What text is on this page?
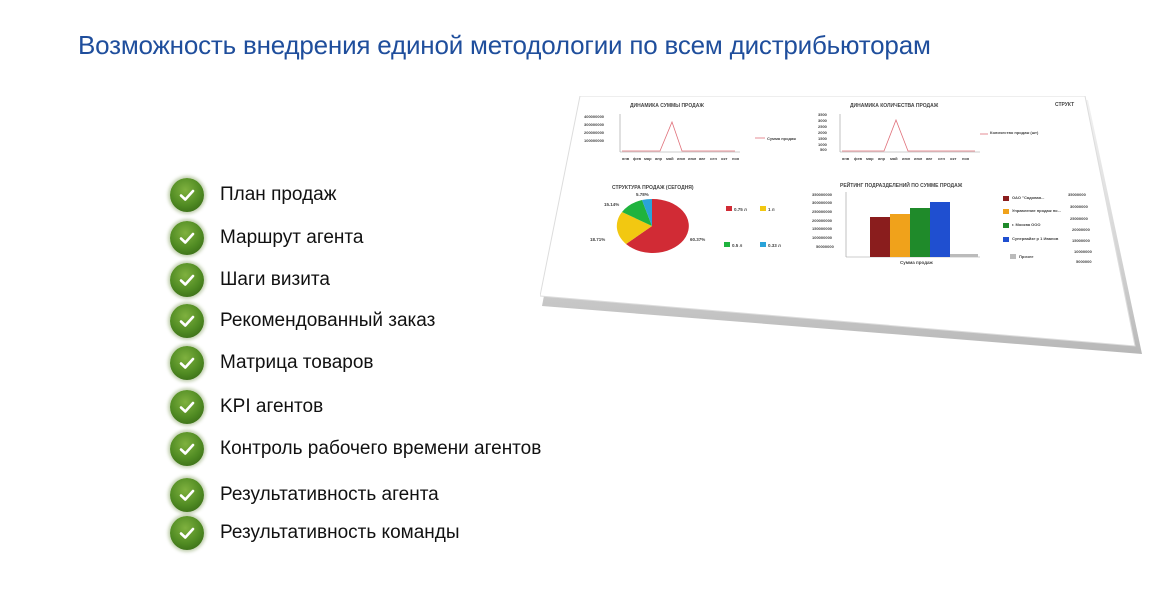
Возможность внедрения единой методологии по всем дистрибьюторам
План продаж
Маршрут агента
Шаги визита
Рекомендованный заказ
Матрица товаров
KPI агентов
Контроль рабочего времени агентов
Результативность агента
Результативность команды
ДИНАМИКА СУММЫ ПРОДАЖ
400000000
300000000
200000000
100000000	Сумма продаж
янв фев мар апр май июн июл авг сен окт ноя
ДИНАМИКА КОЛИЧЕСТВА ПРОДАЖ	СТРУКТ
3500
3000
2500
2000
1500
1000
500
Количество продаж (шт)
янв фев мар апр май июн июл авг сен окт ноя
СТРУКТУРА ПРОДАЖ (СЕГОДНЯ)
5.78%
15.14%
18.71%	60.37%
0.75 л	1 л
0.5 л	0.33 л
РЕЙТИНГ ПОДРАЗДЕЛЕНИЙ ПО СУММЕ ПРОДАЖ
350000000
300000000
250000000
200000000
150000000
100000000
50000000
Сумма продаж
ОАО "Садовая...
Управление продаж по...
г. Москва ООО
Супервайзе р 1 Иванов
Прочее
35000000
30000000
25000000
20000000
15000000
10000000
5000000
